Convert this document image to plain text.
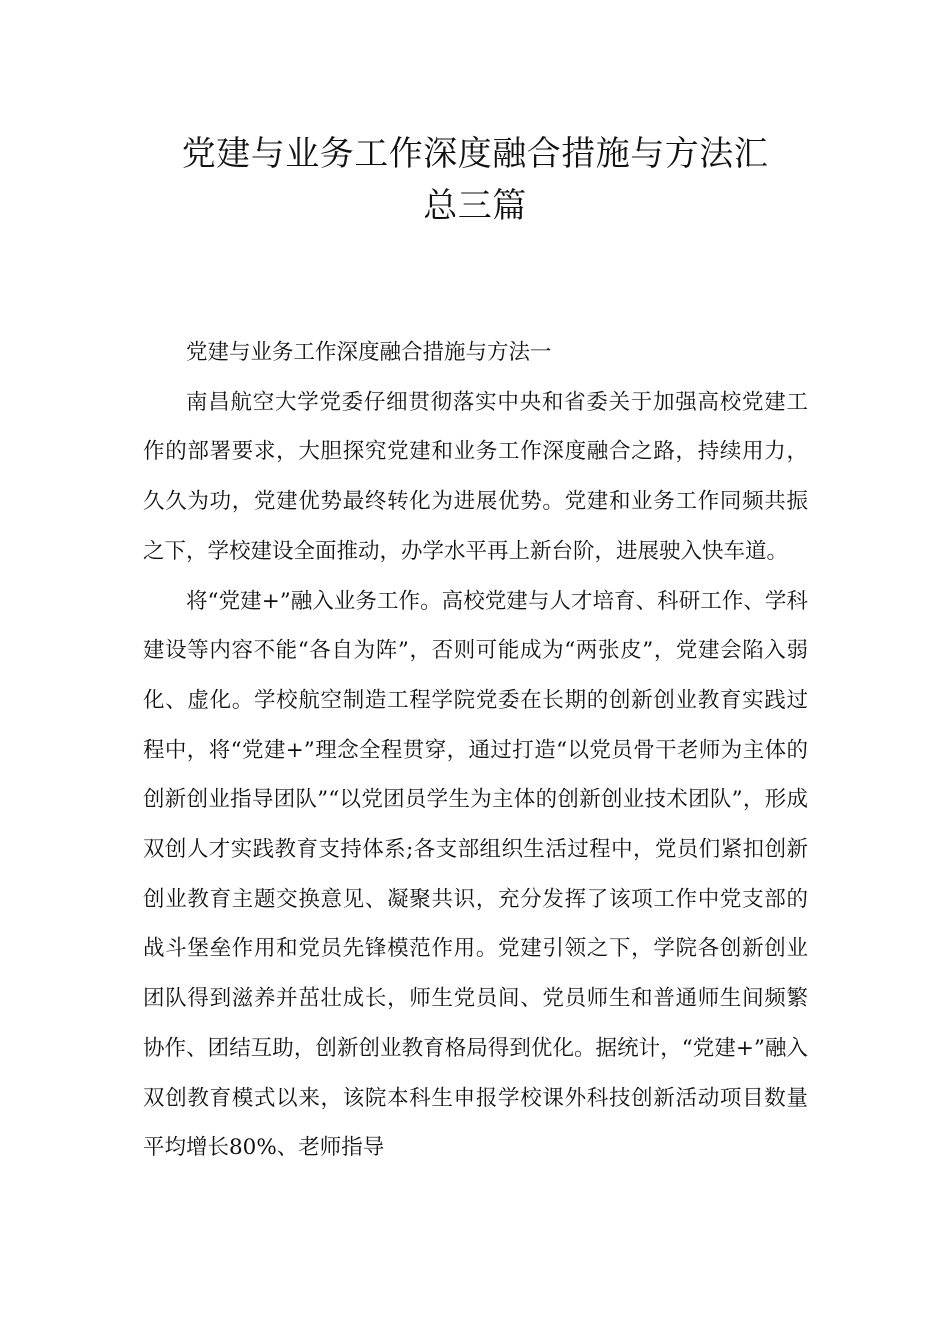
党建与业务工作深度融合措施与方法汇
总三篇

党建与业务工作深度融合措施与方法一

南昌航空大学党委仔细贯彻落实中央和省委关于加强高校党建工作的部署要求，大胆探究党建和业务工作深度融合之路，持续用力，久久为功，党建优势最终转化为进展优势。党建和业务工作同频共振之下，学校建设全面推动，办学水平再上新台阶，进展驶入快车道。

将“党建+”融入业务工作。高校党建与人才培育、科研工作、学科建设等内容不能“各自为阵”，否则可能成为“两张皮”，党建会陷入弱化、虚化。学校航空制造工程学院党委在长期的创新创业教育实践过程中，将“党建+”理念全程贯穿，通过打造“以党员骨干老师为主体的创新创业指导团队”“以党团员学生为主体的创新创业技术团队”，形成双创人才实践教育支持体系;各支部组织生活过程中，党员们紧扣创新创业教育主题交换意见、凝聚共识，充分发挥了该项工作中党支部的战斗堡垒作用和党员先锋模范作用。党建引领之下，学院各创新创业团队得到滋养并茁壮成长，师生党员间、党员师生和普通师生间频繁协作、团结互助，创新创业教育格局得到优化。据统计，“党建+”融入双创教育模式以来，该院本科生申报学校课外科技创新活动项目数量平均增长80%、老师指导
